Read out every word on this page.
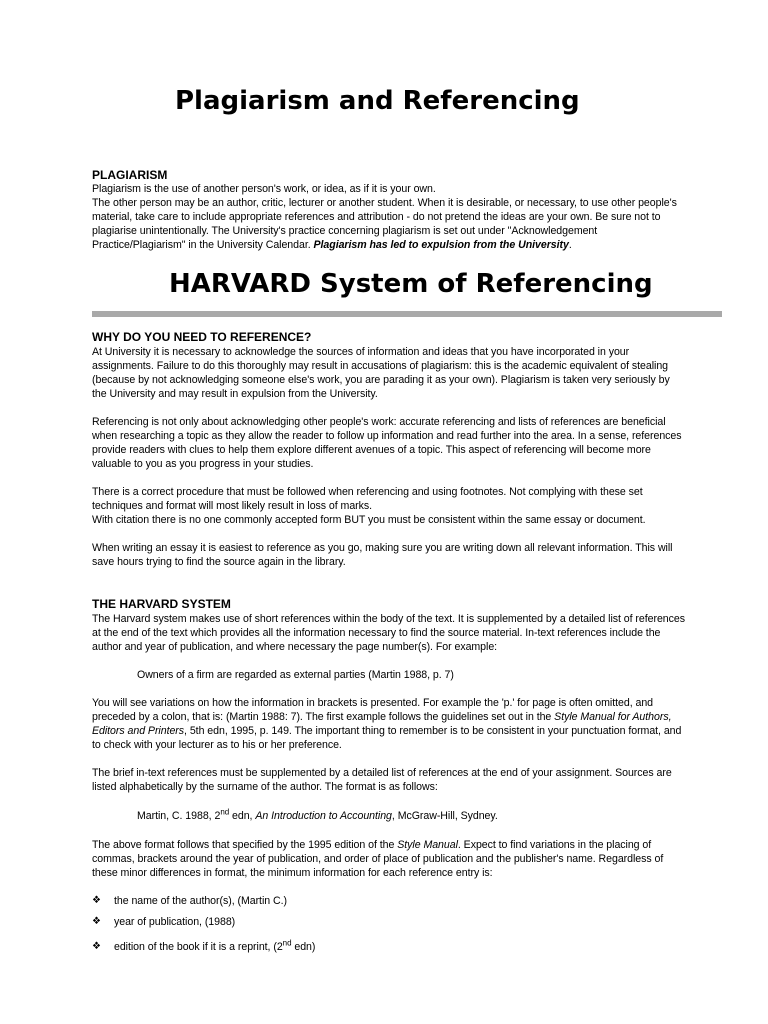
Plagiarism and Referencing
PLAGIARISM
Plagiarism is the use of another person's work, or idea, as if it is your own.
The other person may be an author, critic, lecturer or another student. When it is desirable, or necessary, to use other people's
material, take care to include appropriate references and attribution - do not pretend the ideas are your own. Be sure not to
plagiarise unintentionally. The University's practice concerning plagiarism is set out under "Acknowledgement
Practice/Plagiarism" in the University Calendar. Plagiarism has led to expulsion from the University.
HARVARD System of Referencing
WHY DO YOU NEED TO REFERENCE?
At University it is necessary to acknowledge the sources of information and ideas that you have incorporated in your
assignments. Failure to do this thoroughly may result in accusations of plagiarism: this is the academic equivalent of stealing
(because by not acknowledging someone else's work, you are parading it as your own). Plagiarism is taken very seriously by
the University and may result in expulsion from the University.
Referencing is not only about acknowledging other people's work: accurate referencing and lists of references are beneficial
when researching a topic as they allow the reader to follow up information and read further into the area. In a sense, references
provide readers with clues to help them explore different avenues of a topic. This aspect of referencing will become more
valuable to you as you progress in your studies.
There is a correct procedure that must be followed when referencing and using footnotes. Not complying with these set
techniques and format will most likely result in loss of marks.
With citation there is no one commonly accepted form BUT you must be consistent within the same essay or document.
When writing an essay it is easiest to reference as you go, making sure you are writing down all relevant information. This will
save hours trying to find the source again in the library.
THE HARVARD SYSTEM
The Harvard system makes use of short references within the body of the text. It is supplemented by a detailed list of references
at the end of the text which provides all the information necessary to find the source material. In-text references include the
author and year of publication, and where necessary the page number(s). For example:
Owners of a firm are regarded as external parties (Martin 1988, p. 7)
You will see variations on how the information in brackets is presented. For example the 'p.' for page is often omitted, and
preceded by a colon, that is: (Martin 1988: 7). The first example follows the guidelines set out in the Style Manual for Authors,
Editors and Printers, 5th edn, 1995, p. 149. The important thing to remember is to be consistent in your punctuation format, and
to check with your lecturer as to his or her preference.
The brief in-text references must be supplemented by a detailed list of references at the end of your assignment. Sources are
listed alphabetically by the surname of the author. The format is as follows:
Martin, C. 1988, 2nd edn, An Introduction to Accounting, McGraw-Hill, Sydney.
The above format follows that specified by the 1995 edition of the Style Manual. Expect to find variations in the placing of
commas, brackets around the year of publication, and order of place of publication and the publisher's name. Regardless of
these minor differences in format, the minimum information for each reference entry is:
❖ the name of the author(s), (Martin C.)
❖ year of publication, (1988)
❖ edition of the book if it is a reprint, (2nd edn)
